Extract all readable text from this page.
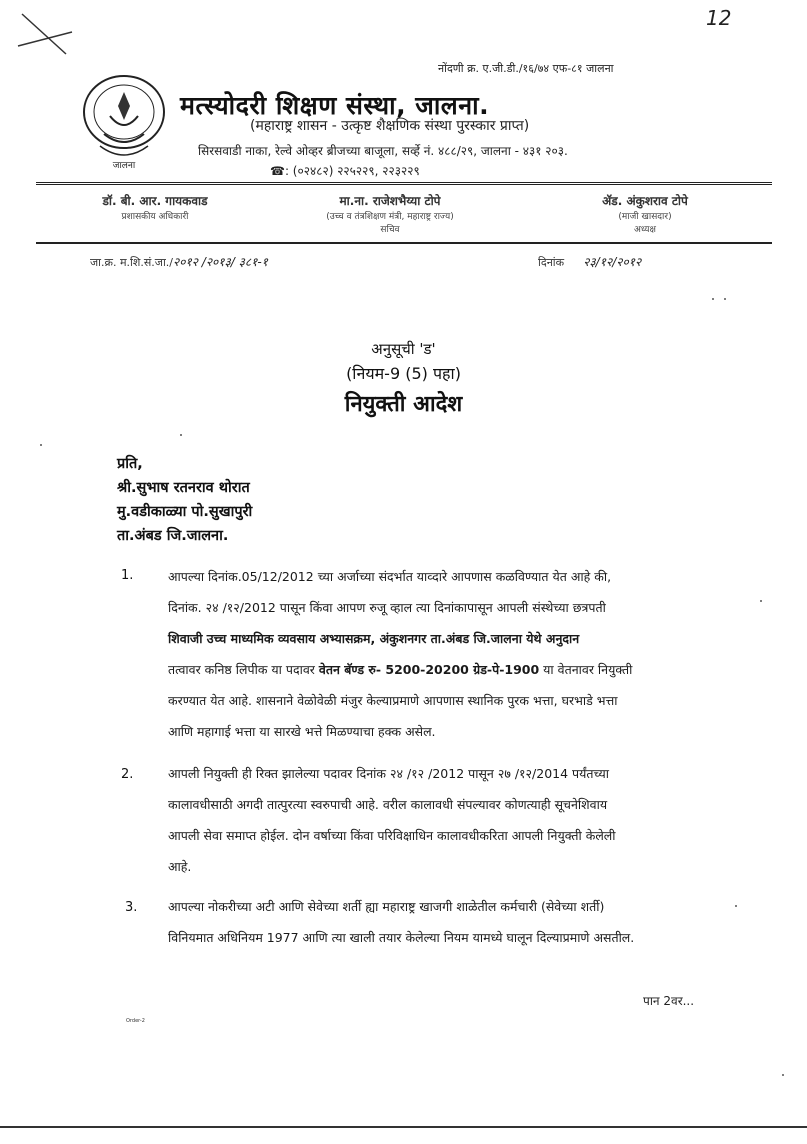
12
नोंदणी क्र. ए.जी.डी./१६/७४ एफ-८१ जालना
जालना
मत्स्योदरी शिक्षण संस्था, जालना.
(महाराष्ट्र शासन - उत्कृष्ट शैक्षणिक संस्था पुरस्कार प्राप्त)
सिरसवाडी नाका, रेल्वे ओव्हर ब्रीजच्या बाजूला, सर्व्हे नं. ४८८/२९, जालना - ४३१ २०३.
☎: (०२४८२) २२५२२९, २२३२२९
डॉ. बी. आर. गायकवाड
प्रशासकीय अधिकारी
मा.ना. राजेशभैय्या टोपे
(उच्च व तंत्रशिक्षण मंत्री, महाराष्ट्र राज्य)
सचिव
ॲड. अंकुशराव टोपे
(माजी खासदार)
अध्यक्ष
जा.क्र. म.शि.सं.जा./२०१२ /२०१३/ ३८१-१	दिनांक २३/१२/२०१२
अनुसूची 'ड'
(नियम-9 (5) पहा)
नियुक्ती आदेश
प्रति,
श्री.सुभाष रतनराव थोरात
मु.वडीकाळ्या पो.सुखापुरी
ता.अंबड जि.जालना.
1.	आपल्या दिनांक.05/12/2012 च्या अर्जाच्या संदर्भात याव्दारे आपणास कळविण्यात येत आहे की,
दिनांक. २४ /१२/2012 पासून किंवा आपण रुजू व्हाल त्या दिनांकापासून आपली संस्थेच्या छत्रपती
शिवाजी उच्च माध्यमिक व्यवसाय अभ्यासक्रम, अंकुशनगर ता.अंबड जि.जालना येथे अनुदान
तत्वावर कनिष्ठ लिपीक या पदावर वेतन बॅण्ड रु- 5200-20200 ग्रेड-पे-1900 या वेतनावर नियुक्ती
करण्यात येत आहे. शासनाने वेळोवेळी मंजुर केल्याप्रमाणे आपणास स्थानिक पुरक भत्ता, घरभाडे भत्ता
आणि महागाई भत्ता या सारखे भत्ते मिळण्याचा हक्क असेल.
2.	आपली नियुक्ती ही रिक्त झालेल्या पदावर दिनांक २४ /१२ /2012 पासून २७ /१२/2014 पर्यंतच्या
कालावधीसाठी अगदी तात्पुरत्या स्वरुपाची आहे. वरील कालावधी संपल्यावर कोणत्याही सूचनेशिवाय
आपली सेवा समाप्त होईल. दोन वर्षाच्या किंवा परिविक्षाधिन कालावधीकरिता आपली नियुक्ती केलेली
आहे.
3. आपल्या नोकरीच्या अटी आणि सेवेच्या शर्ती ह्या महाराष्ट्र खाजगी शाळेतील कर्मचारी (सेवेच्या शर्ती)
विनियमात अधिनियम 1977 आणि त्या खाली तयार केलेल्या नियम यामध्ये घालून दिल्याप्रमाणे असतील.
पान 2वर...
Order-2
